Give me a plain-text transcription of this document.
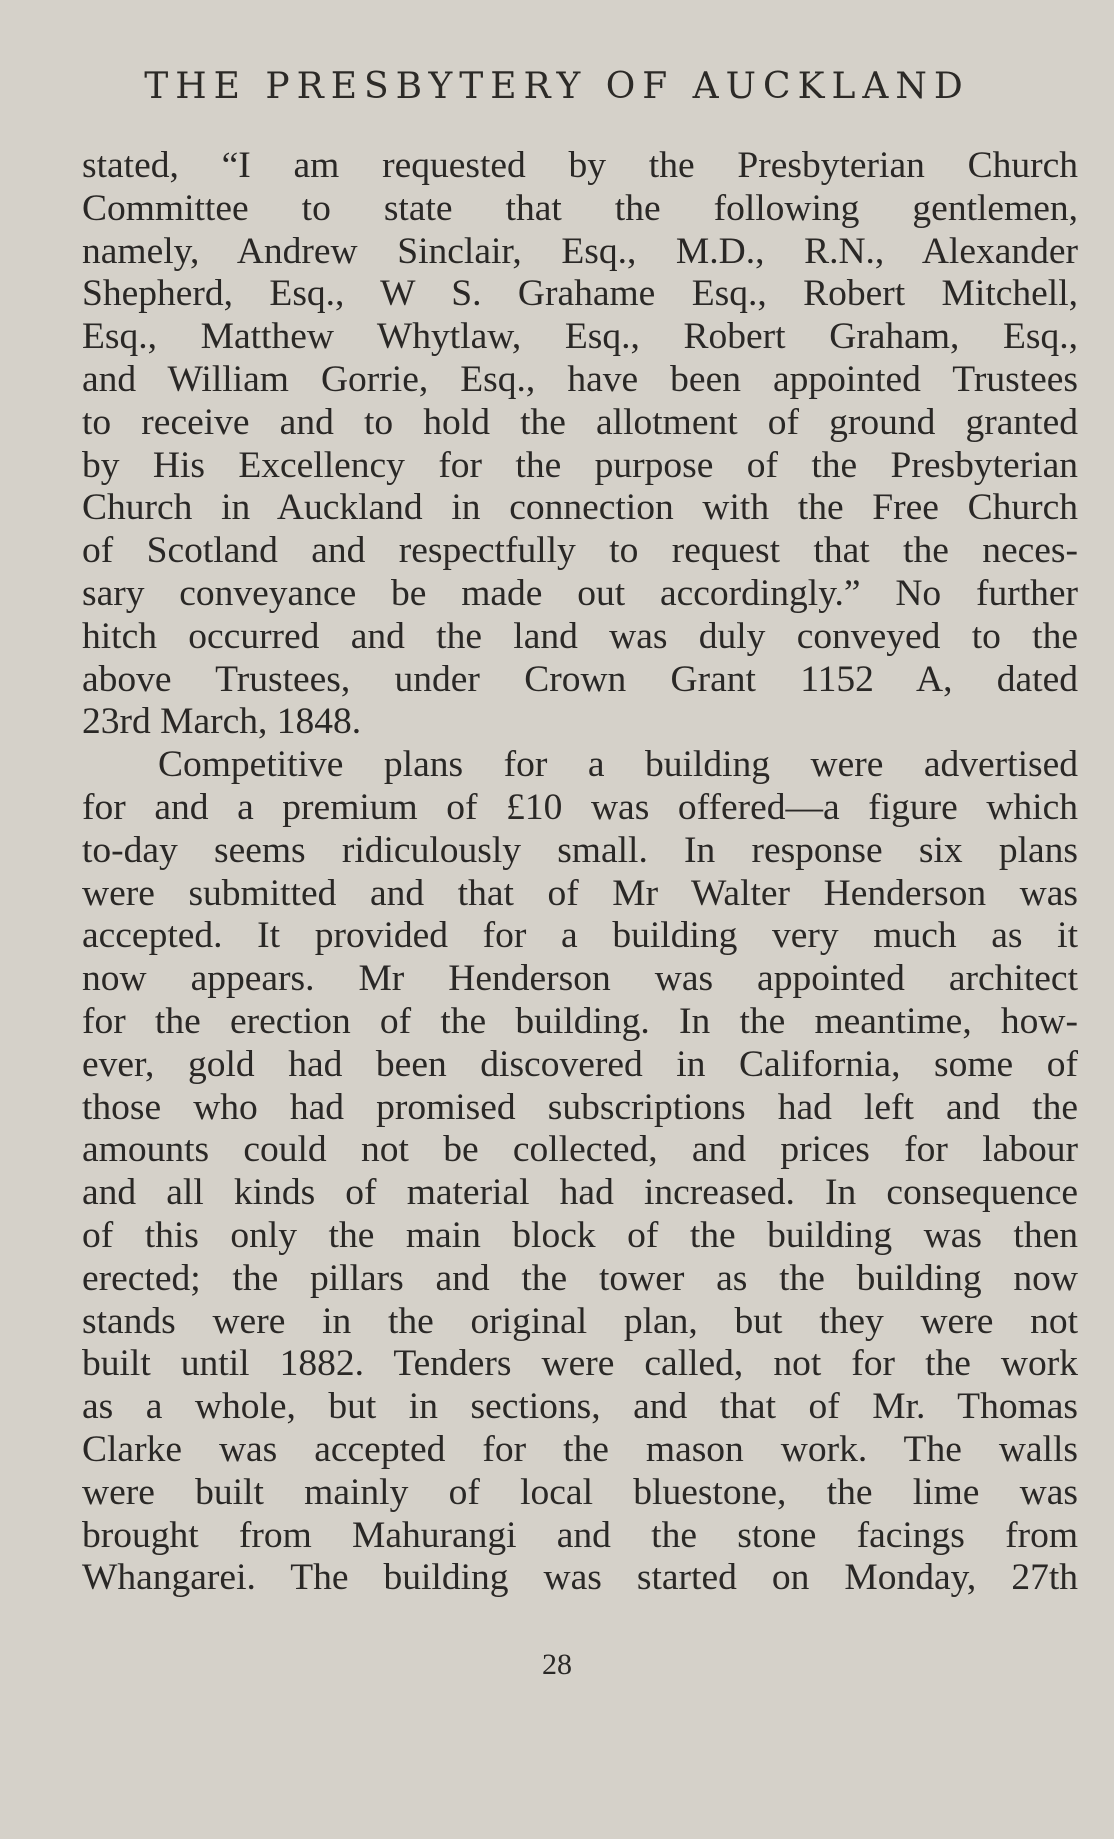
THE PRESBYTERY OF AUCKLAND
stated, “I am requested by the Presbyterian Church
Committee to state that the following gentlemen,
namely, Andrew Sinclair, Esq., M.D., R.N., Alexander
Shepherd, Esq., W S. Grahame Esq., Robert Mitchell,
Esq., Matthew Whytlaw, Esq., Robert Graham, Esq.,
and William Gorrie, Esq., have been appointed Trustees
to receive and to hold the allotment of ground granted
by His Excellency for the purpose of the Presbyterian
Church in Auckland in connection with the Free Church
of Scotland and respectfully to request that the neces-
sary conveyance be made out accordingly.” No further
hitch occurred and the land was duly conveyed to the
above Trustees, under Crown Grant 1152 A, dated
23rd March, 1848.
Competitive plans for a building were advertised
for and a premium of £10 was offered—a figure which
to-day seems ridiculously small. In response six plans
were submitted and that of Mr Walter Henderson was
accepted. It provided for a building very much as it
now appears. Mr Henderson was appointed architect
for the erection of the building. In the meantime, how-
ever, gold had been discovered in California, some of
those who had promised subscriptions had left and the
amounts could not be collected, and prices for labour
and all kinds of material had increased. In consequence
of this only the main block of the building was then
erected; the pillars and the tower as the building now
stands were in the original plan, but they were not
built until 1882. Tenders were called, not for the work
as a whole, but in sections, and that of Mr. Thomas
Clarke was accepted for the mason work. The walls
were built mainly of local bluestone, the lime was
brought from Mahurangi and the stone facings from
Whangarei. The building was started on Monday, 27th
28
